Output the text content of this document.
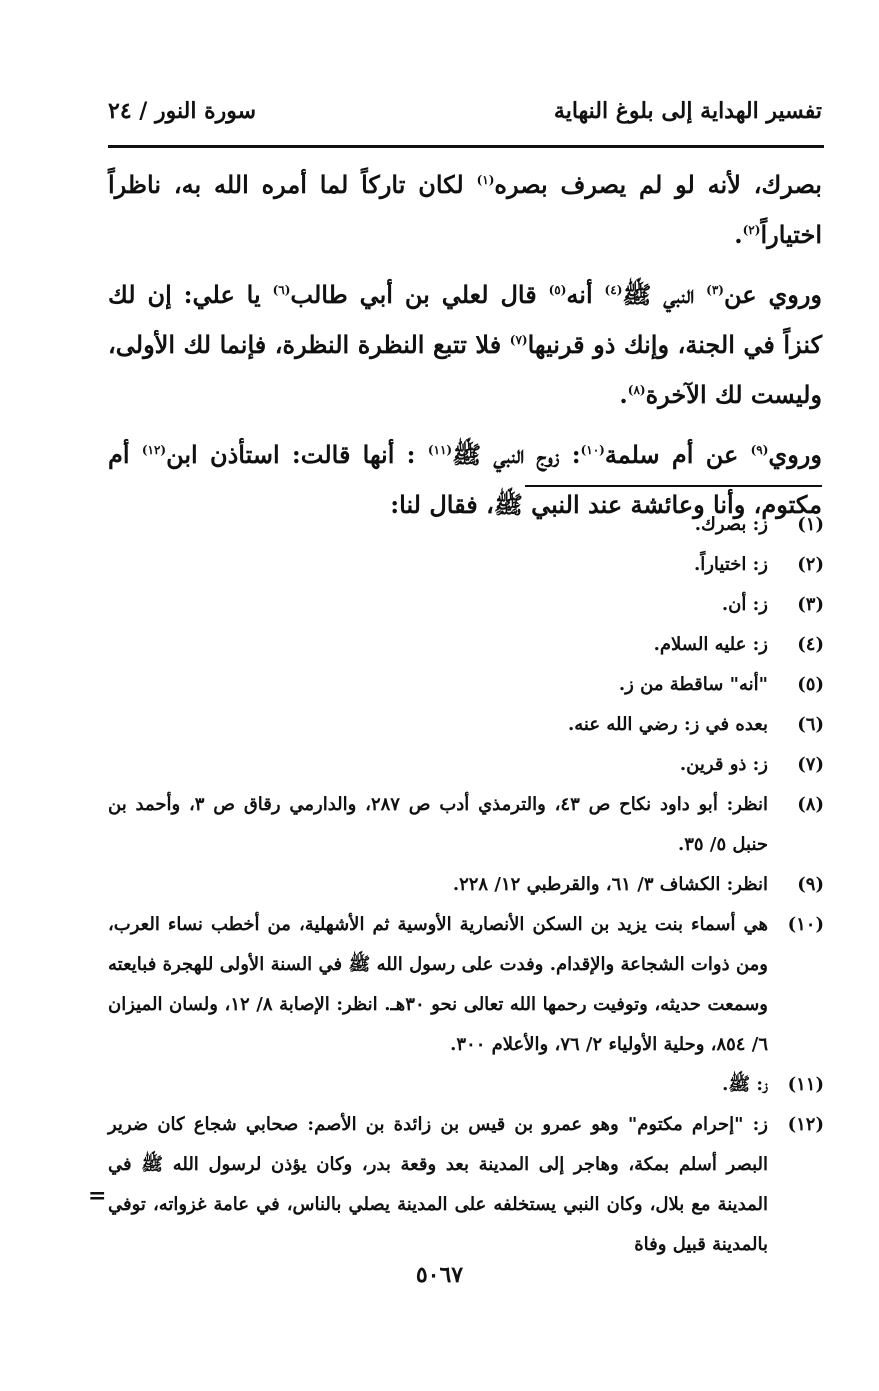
تفسير الهداية إلى بلوغ النهاية
سورة النور / ٢٤

بصرك، لأنه لو لم يصرف بصره$^{(١)}$ لكان تاركاً لما أمره الله به، ناظراً اختياراً$^{(٢)}$.

وروي عن$^{(٣)}$ النبي ﷺ$^{(٤)}$ أنه$^{(٥)}$ قال لعلي بن أبي طالب$^{(٦)}$ يا علي: إن لك كنزاً في الجنة، وإنك ذو قرنيها$^{(٧)}$ فلا تتبع النظرة النظرة، فإنما لك الأولى، وليست لك الآخرة$^{(٨)}$.

وروي$^{(٩)}$ عن أم سلمة$^{(١٠)}$: زوج النبي ﷺ$^{(١١)}$ : أنها قالت: استأذن ابن$^{(١٢)}$ أم مكتوم، وأنا وعائشة عند النبي ﷺ، فقال لنا:

(١)
ز: بصرك.
(٢)
ز: اختياراً.
(٣)
ز: أن.
(٤)
ز: عليه السلام.
(٥)
"أنه" ساقطة من ز.
(٦)
بعده في ز: رضي الله عنه.
(٧)
ز: ذو قرين.
(٨)
انظر: أبو داود نكاح ص ٤٣، والترمذي أدب ص ٢٨٧، والدارمي رقاق ص ٣، وأحمد بن حنبل ٥/ ٣٥.
(٩)
انظر: الكشاف ٣/ ٦١، والقرطبي ١٢/ ٢٢٨.
(١٠)
هي أسماء بنت يزيد بن السكن الأنصارية الأوسية ثم الأشهلية، من أخطب نساء العرب، ومن ذوات الشجاعة والإقدام. وفدت على رسول الله ﷺ في السنة الأولى للهجرة فبايعته وسمعت حديثه، وتوفيت رحمها الله تعالى نحو ٣٠هـ. انظر: الإصابة ٨/ ١٢، ولسان الميزان ٦/ ٨٥٤، وحلية الأولياء ٢/ ٧٦، والأعلام ٣٠٠.
(١١)
ز: ﷺ.
(١٢)
ز: "إحرام مكتوم" وهو عمرو بن قيس بن زائدة بن الأصم: صحابي شجاع كان ضرير البصر أسلم بمكة، وهاجر إلى المدينة بعد وقعة بدر، وكان يؤذن لرسول الله ﷺ في المدينة مع بلال، وكان النبي يستخلفه على المدينة يصلي بالناس، في عامة غزواته، توفي بالمدينة قبيل وفاة
=
٥٠٦٧
